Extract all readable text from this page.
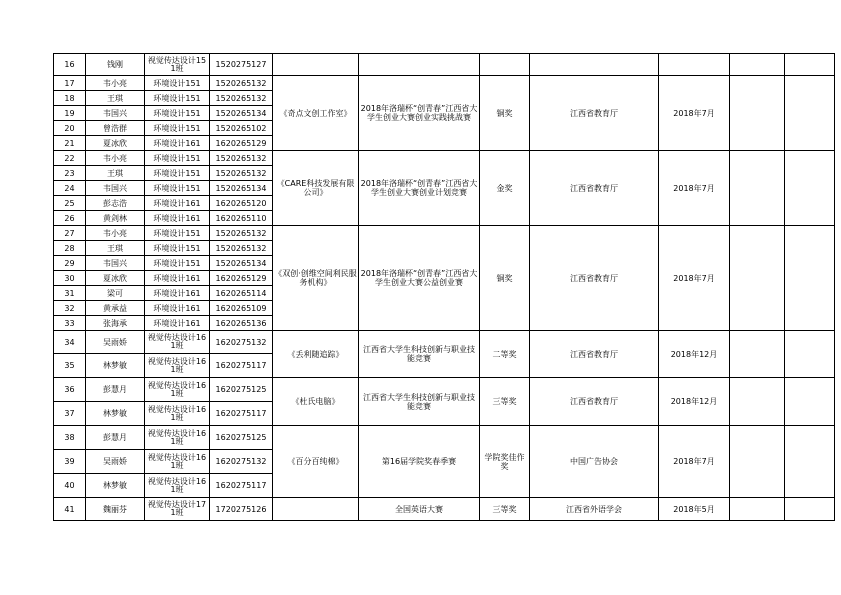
16	钱刚	视觉传达设计151班	1520275127							
17	韦小亮	环境设计151	1520265132	《奇点文创工作室》	2018年洛瑞杯“创青春”江西省大学生创业大赛创业实践挑战赛	铜奖	江西省教育厅	2018年7月		
18	王琪	环境设计151	1520265132							
19	韦国兴	环境设计151	1520265134							
20	曾浩群	环境设计151	1520265102							
21	夏冰欣	环境设计161	1620265129							
22	韦小亮	环境设计151	1520265132	《CARE科技发展有限公司》	2018年洛瑞杯“创青春”江西省大学生创业大赛创业计划竞赛	金奖	江西省教育厅	2018年7月		
23	王琪	环境设计151	1520265132							
24	韦国兴	环境设计151	1520265134							
25	彭志浩	环境设计161	1620265120							
26	黄剑林	环境设计161	1620265110							
27	韦小亮	环境设计151	1520265132	《双创·创维空间利民服务机构》	2018年洛瑞杯“创青春”江西省大学生创业大赛公益创业赛	铜奖	江西省教育厅	2018年7月		
28	王琪	环境设计151	1520265132							
29	韦国兴	环境设计151	1520265134							
30	夏冰欣	环境设计161	1620265129							
31	梁可	环境设计161	1620265114							
32	黄承益	环境设计161	1620265109							
33	张海承	环境设计161	1620265136							
34	吴雨娇	视觉传达设计161班	1620275132	《丢利随追踪》	江西省大学生科技创新与职业技能竞赛	二等奖	江西省教育厅	2018年12月		
35	林梦敏	视觉传达设计161班	1620275117							
36	彭慧月	视觉传达设计161班	1620275125	《杜氏电脑》	江西省大学生科技创新与职业技能竞赛	三等奖	江西省教育厅	2018年12月		
37	林梦敏	视觉传达设计161班	1620275117							
38	彭慧月	视觉传达设计161班	1620275125	《百分百纯棉》	第16届学院奖春季赛	学院奖佳作奖	中国广告协会	2018年7月		
39	吴雨娇	视觉传达设计161班	1620275132							
40	林梦敏	视觉传达设计161班	1620275117							
41	魏丽芬	视觉传达设计171班	1720275126		全国英语大赛	三等奖	江西省外语学会	2018年5月		
